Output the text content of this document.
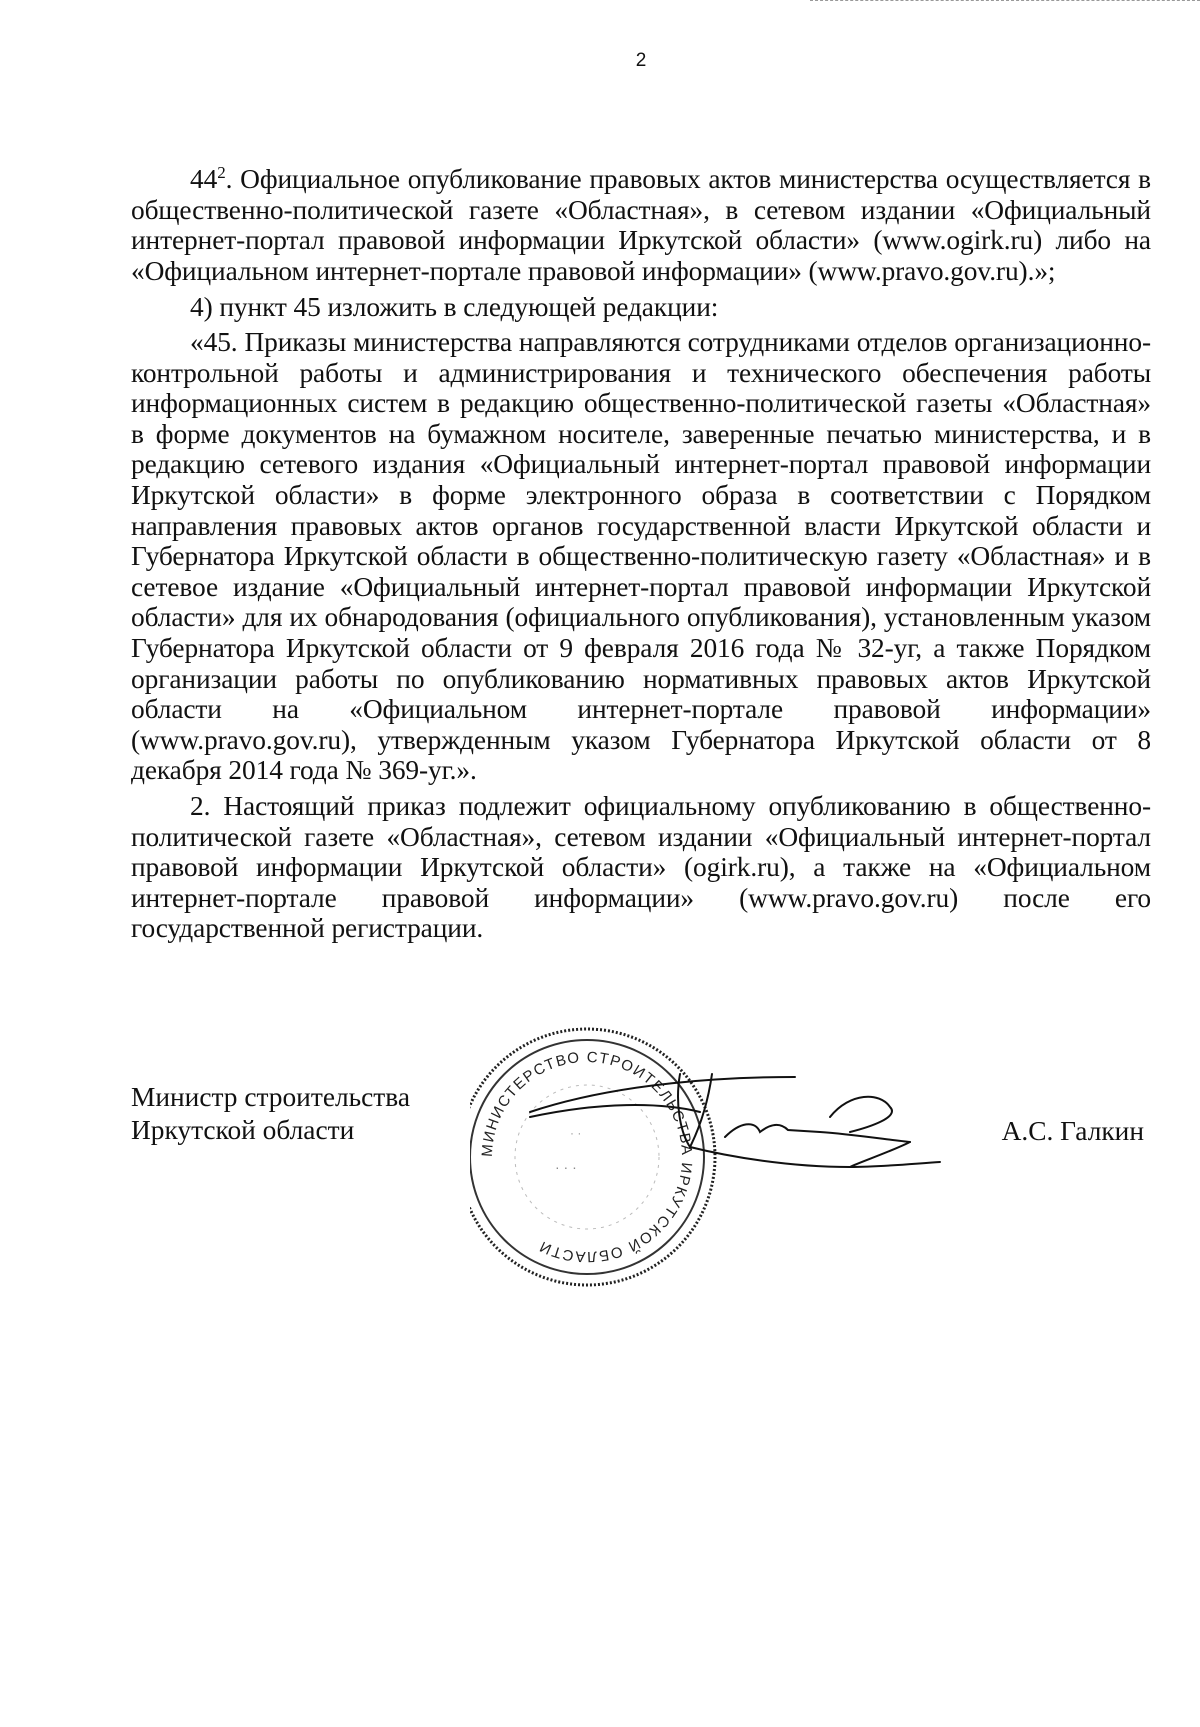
2

$44^2$. Официальное опубликование правовых актов министерства осуществляется в общественно-политической газете «Областная», в сетевом издании «Официальный интернет-портал правовой информации Иркутской области» (www.ogirk.ru) либо на «Официальном интернет-портале правовой информации» (www.pravo.gov.ru).»;

4) пункт 45 изложить в следующей редакции:

«45. Приказы министерства направляются сотрудниками отделов организационно-контрольной работы и администрирования и технического обеспечения работы информационных систем в редакцию общественно-политической газеты «Областная» в форме документов на бумажном носителе, заверенные печатью министерства, и в редакцию сетевого издания «Официальный интернет-портал правовой информации Иркутской области» в форме электронного образа в соответствии с Порядком направления правовых актов органов государственной власти Иркутской области и Губернатора Иркутской области в общественно-политическую газету «Областная» и в сетевое издание «Официальный интернет-портал правовой информации Иркутской области» для их обнародования (официального опубликования), установленным указом Губернатора Иркутской области от 9 февраля 2016 года № 32-уг, а также Порядком организации работы по опубликованию нормативных правовых актов Иркутской области на «Официальном интернет-портале правовой информации» (www.pravo.gov.ru), утвержденным указом Губернатора Иркутской области от 8 декабря 2014 года № 369-уг.».

2. Настоящий приказ подлежит официальному опубликованию в общественно-политической газете «Областная», сетевом издании «Официальный интернет-портал правовой информации Иркутской области» (ogirk.ru), а также на «Официальном интернет-портале правовой информации» (www.pravo.gov.ru) после его государственной регистрации.

Министр строительства
Иркутской области	А.С. Галкин
МИНИСТЕРСТВО СТРОИТЕЛЬСТВА ИРКУТСКОЙ ОБЛАСТИ
· · ·
· ·
